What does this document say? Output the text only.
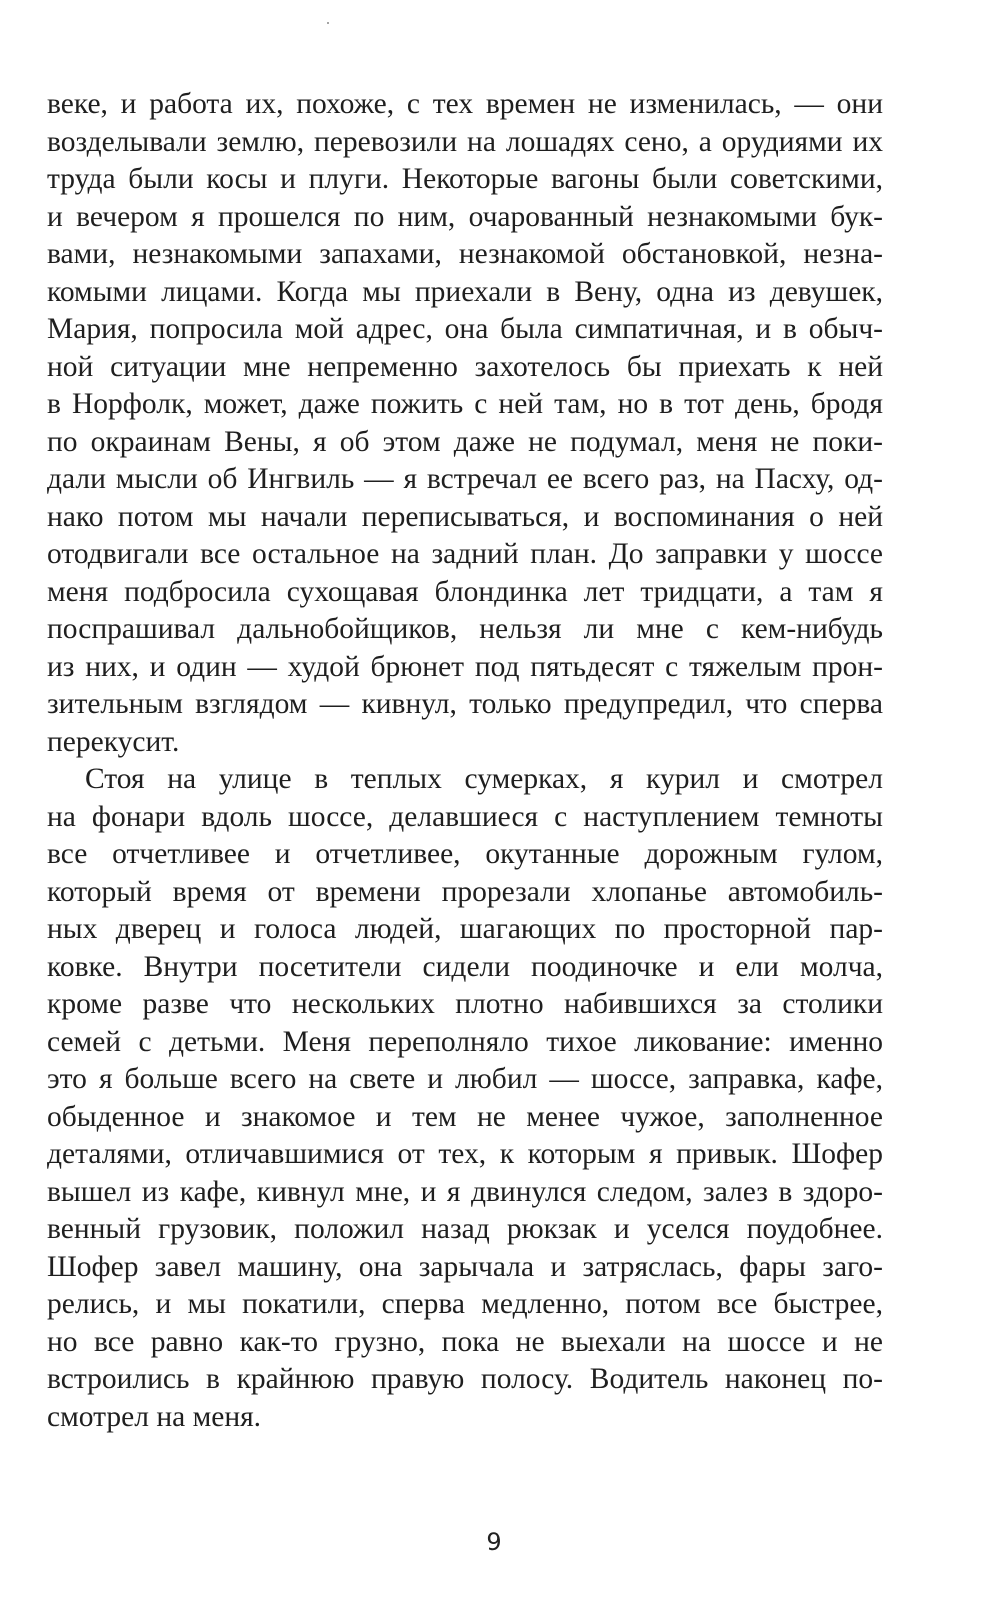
веке, и работа их, похоже, с тех времен не изменилась, — они
возделывали землю, перевозили на лошадях сено, а орудиями их
труда были косы и плуги. Некоторые вагоны были советскими,
и вечером я прошелся по ним, очарованный незнакомыми бук-
вами, незнакомыми запахами, незнакомой обстановкой, незна-
комыми лицами. Когда мы приехали в Вену, одна из девушек,
Мария, попросила мой адрес, она была симпатичная, и в обыч-
ной ситуации мне непременно захотелось бы приехать к ней
в Норфолк, может, даже пожить с ней там, но в тот день, бродя
по окраинам Вены, я об этом даже не подумал, меня не поки-
дали мысли об Ингвиль — я встречал ее всего раз, на Пасху, од-
нако потом мы начали переписываться, и воспоминания о ней
отодвигали все остальное на задний план. До заправки у шоссе
меня подбросила сухощавая блондинка лет тридцати, а там я
поспрашивал дальнобойщиков, нельзя ли мне с кем-нибудь
из них, и один — худой брюнет под пятьдесят с тяжелым прон-
зительным взглядом — кивнул, только предупредил, что сперва
перекусит.
Стоя на улице в теплых сумерках, я курил и смотрел
на фонари вдоль шоссе, делавшиеся с наступлением темноты
все отчетливее и отчетливее, окутанные дорожным гулом,
который время от времени прорезали хлопанье автомобиль-
ных дверец и голоса людей, шагающих по просторной пар-
ковке. Внутри посетители сидели поодиночке и ели молча,
кроме разве что нескольких плотно набившихся за столики
семей с детьми. Меня переполняло тихое ликование: именно
это я больше всего на свете и любил — шоссе, заправка, кафе,
обыденное и знакомое и тем не менее чужое, заполненное
деталями, отличавшимися от тех, к которым я привык. Шофер
вышел из кафе, кивнул мне, и я двинулся следом, залез в здоро-
венный грузовик, положил назад рюкзак и уселся поудобнее.
Шофер завел машину, она зарычала и затряслась, фары заго-
релись, и мы покатили, сперва медленно, потом все быстрее,
но все равно как-то грузно, пока не выехали на шоссе и не
встроились в крайнюю правую полосу. Водитель наконец по-
смотрел на меня.
9
